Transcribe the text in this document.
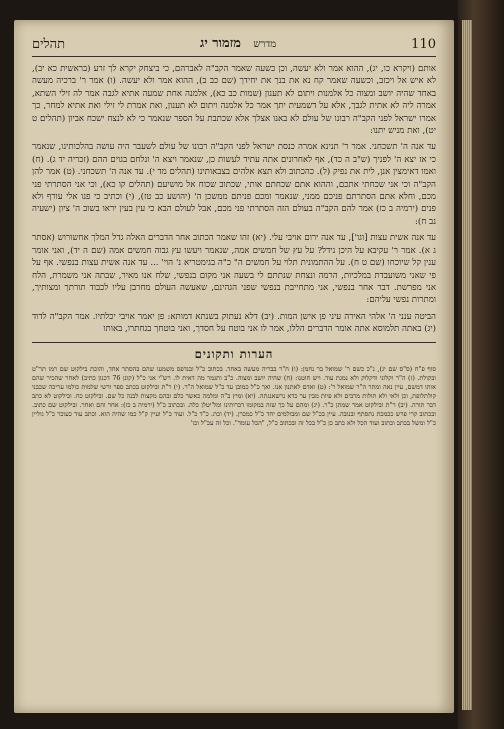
110
מדרש   מזמור יג
תהלים

אותם (ויקרא כו, יג), ההוא אמר ולא יעשה, וכן כשעה שאמר הקב"ה לאברהם, כי ביצחק יקרא לך זרע (בראשית כא יב), לא איש אל ויכזב, וכשעה שאמר קח נא את בנך את יחידך (שם כב ב), ההוא אמר ולא יעשה. (ו) אמר ר' ברכיה מעשה באחד שהיה יושב ומצוה כל אלמנות ויתום לא תענון (שמות כב כא), אלמנה אחת שמעה אתיא לגבה אמר לה זילי השתא, אמרה ליה לא אתית לגבך, אלא על דשמעית יתך אמר כל אלמנה ויתום לא תענון, ואת אמרת לי זילי ואת אתיא למחר, כך אמרו ישראל לפני הקב"ה רבונו של עולם לא באנו אצלך אלא שכתבת על הספר שנאמר כי לא לנצח ישכח אביון (תהלים ט יט), ואת מניש יתנו:

עד אנה ה' תשכחני. אמר ר' תנינא אמרה כנסת ישראל לפני הקב"ה רבונו של עולם לשעבר היה עושה בהלכותינו, שנאמר כי אז יצא ה' לפניך (ש"ב ה כד), אף לאחרונים אתה עתיד לעשות כן, שנאמר ויצא ה' ונלחם בגוים ההם (זכריה יד ג). (ח) ואמו דאימצין אנן, לית את נפיק (ל). כהכתוב ולא תצא אלהים בצבאותינו (תהלים מד י). עד אנה ה' תשכחני. (ט) אמר להן הקב"ה וכי אני שכחתי אתכם, וההוא אתם שכחתם אותי, שכתוב שכוח אל מושיעם (תהלים קו כא), וכי אני הסתרתי פני מכם, וחלא אתם הסתרתם פניכם ממני, שנאמר ומכם פניתם ממשכן ה' (יהושע כב טז), (י) וכתיב כי פנו אלי עורף ולא פנים (ירמיה ב כז) אמר להם הקב"ה בעולם הזה הסתרתי פני מכם, אבל לעולם הבא כי עין בעין יראו בשוב ה' ציון (ישעיה נב ח):

עד אנה אשית עצות [וגו'], עד אנה ירום אויבי עלי. (יא) זהו שאמר הכתוב אחר הדברים האלה גדל המלך אחשורוש (אסתר ג א). אמר ר' עקיבא על היכן נידל? על עץ של חמשים אמה, שנאמר ויעשו עץ גבוה חמשים אמה (שם ה יד), ואני אומר ענין קל שיוכחו (שם ט ח). על ההתמונית תלוי על חמשים ה" כ"ה בגימטריא נ' הוי' ... עד אנה אשית עצות בנפשי. אף על פי שאני משועבדת במלכיות, הרמה ונצחת שנתתם לי בשעה אני מקום בנפשי, שלח אנו מאיר, שבתה אני משמרת, הלח אני מפרשת. דבר אחר בנפשי, אני מתחייבת בנפשי שפני הגהינם, שאעשה העולם מחרבן עליו לכבוד תורתך ומצותיך, ומתרות נפשי עליהם:

הביטה ענני ה' אלהי האירה עיני פן אישן המות. (יב) דלא נעתוק בשנתא דמותא: פן יאמר אויבי יכלתיו. אמר הקב"ה לדוד (יג) באתה תלמוסא אתה אומר הדברים הללו, אמר לו אני בוטח על חסדך, ואני בוטחך בגחתרו, באותו

הערות ותקונים

סוף פ"ח (ס"ס שם יג), נ"כ כשם ר' שמואל בר נחמן: (ו) ח"ר בבריה מעשה באחד. בכתוב כ"ל ובנדפס משמעו שהם בהסתר אחד, והוכת בילקוט שם רמז תר"ט ובקולת. (ז) ה"ר וקלוני ודקלוק ולא נמגת עוד. ויש חוטנו: (ח) שהיה יושב ומצוה. כ"ב ותגמר מה דאית לו. רש"י אני כ"ל (קונן 76 דכנון כתיב) לאחר שהכיר שהם אותו דמשם, עיין נאה ומתר ה"ר שמואל ר': (ט) ואדם לאתנון אנו. ואך כ"ל כמובן עד כ"ל שמואל ה"ר. (י) ר"ת ובילקוט בכתב ספר ורשי שלמות כולמו עריכה שכבני קולתלופת, וכן ולאי ולא תולות מרבים ולא פיות מבין ער כדא נרשאנגתה. (יא) ומיץ ב"ה ומלמה כאשר כלם ובהם מקצות לבנה כל שם. ובילקוט כח. ובילקוט לא כתב דבר תורה. (יב) ר"ת ובילקוט אמר שמתן כ"ר. (יג) ומהם על כך שזה במקומו דברותינו ומל'יטלן כלה. ובכתוב כ"ל (ירמיה ב כז): אחר והם ואחר. ובילקוט שם כתוב. ובכתוב קרי פרש ככמכת נתסתף ובנובה. עיין בכ"ל שם ומבולמים יחד כ"ל כמכרן. (יד) וכת. כ"ד כ"ל. ועוד כ"ל ועיין ק"ל כמו שהיה הוא. וכתב עוד כעוכר כ"ל גוליין כ"ל ומשל בכתב וכתוב ועוד הכל ולא כתב כן כ"ל בכל זה ובכתוב כ"ל, "הכל עומד". וכל זה עכ"ל וכו'
